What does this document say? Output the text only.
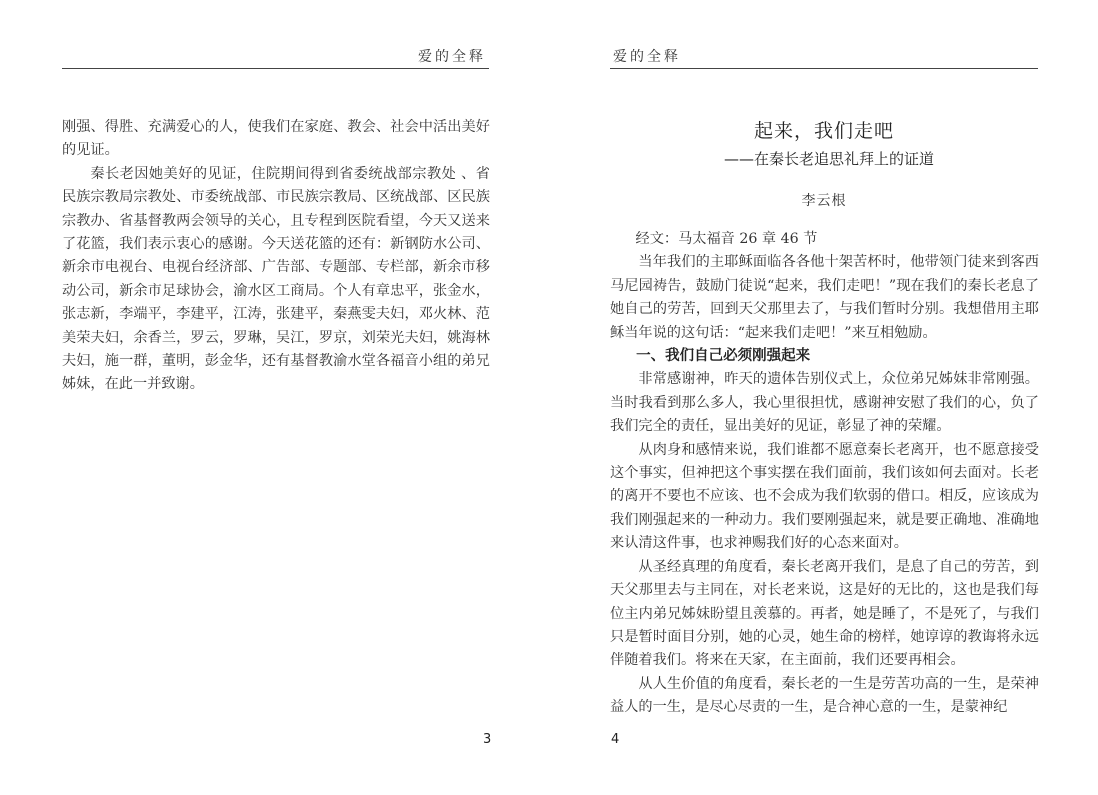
爱的全释

刚强、得胜、充满爱心的人，使我们在家庭、教会、社会中活出美好的见证。

秦长老因她美好的见证，住院期间得到省委统战部宗教处 、省民族宗教局宗教处、市委统战部、市民族宗教局、区统战部、区民族宗教办、省基督教两会领导的关心，且专程到医院看望，今天又送来了花篮，我们表示衷心的感谢。今天送花篮的还有：新钢防水公司、新余市电视台、电视台经济部、广告部、专题部、专栏部，新余市移动公司，新余市足球协会，渝水区工商局。个人有章忠平，张金水，张志新，李端平，李建平，江涛，张建平，秦燕雯夫妇，邓火林、范美荣夫妇，余香兰，罗云，罗琳，吴江，罗京，刘荣光夫妇，姚海林夫妇，施一群，董明，彭金华，还有基督教渝水堂各福音小组的弟兄姊妹，在此一并致谢。

3
爱的全释
起来，我们走吧
——在秦长老追思礼拜上的证道
李云根

经文：马太福音 26 章 46 节

当年我们的主耶稣面临各各他十架苦杯时，他带领门徒来到客西马尼园祷告，鼓励门徒说“起来，我们走吧！”现在我们的秦长老息了她自己的劳苦，回到天父那里去了，与我们暂时分别。我想借用主耶稣当年说的这句话：“起来我们走吧！”来互相勉励。

一、我们自己必须刚强起来

非常感谢神，昨天的遗体告别仪式上，众位弟兄姊妹非常刚强。当时我看到那么多人，我心里很担忧，感谢神安慰了我们的心，负了我们完全的责任，显出美好的见证，彰显了神的荣耀。

从肉身和感情来说，我们谁都不愿意秦长老离开，也不愿意接受这个事实，但神把这个事实摆在我们面前，我们该如何去面对。长老的离开不要也不应该、也不会成为我们软弱的借口。相反，应该成为我们刚强起来的一种动力。我们要刚强起来，就是要正确地、准确地来认清这件事，也求神赐我们好的心态来面对。

从圣经真理的角度看，秦长老离开我们，是息了自己的劳苦，到天父那里去与主同在，对长老来说，这是好的无比的，这也是我们每位主内弟兄姊妹盼望且羡慕的。再者，她是睡了，不是死了，与我们只是暂时面目分别，她的心灵，她生命的榜样，她谆谆的教诲将永远伴随着我们。将来在天家，在主面前，我们还要再相会。

从人生价值的角度看，秦长老的一生是劳苦功高的一生，是荣神益人的一生，是尽心尽责的一生，是合神心意的一生，是蒙神纪

4
